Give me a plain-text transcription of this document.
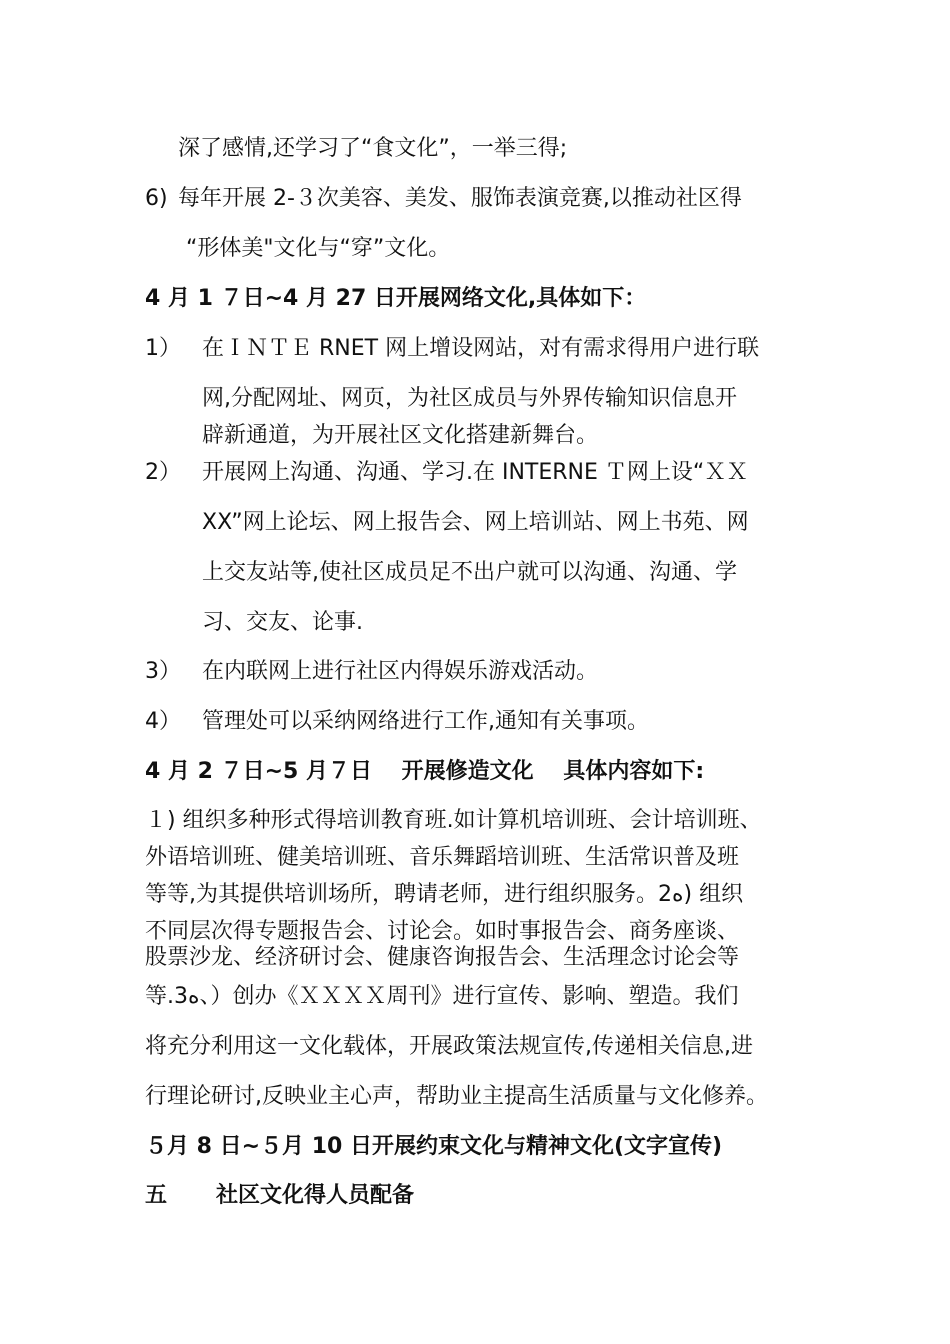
深了感情,还学习了“食文化”，一举三得;
6) 每年开展 2-３次美容、美发、服饰表演竞赛,以推动社区得
“形体美"文化与“穿”文化。
4 月 1 ７日~4 月 27 日开展网络文化,具体如下：
1） 在ＩＮＴＥ RNET 网上增设网站，对有需求得用户进行联
网,分配网址、网页，为社区成员与外界传输知识信息开
辟新通道，为开展社区文化搭建新舞台。
2） 开展网上沟通、沟通、学习.在 INTERNE Ｔ网上设“ＸＸ
XX”网上论坛、网上报告会、网上培训站、网上书苑、网
上交友站等,使社区成员足不出户就可以沟通、沟通、学
习、交友、论事.
3） 在内联网上进行社区内得娱乐游戏活动。
4） 管理处可以采纳网络进行工作,通知有关事项。
4 月 2 ７日~5 月７日　 开展修造文化　 具体内容如下:
１) 组织多种形式得培训教育班.如计算机培训班、会计培训班、
外语培训班、健美培训班、音乐舞蹈培训班、生活常识普及班
等等,为其提供培训场所，聘请老师，进行组织服务。2ه) 组织
不同层次得专题报告会、讨论会。如时事报告会、商务座谈、
股票沙龙、经济研讨会、健康咨询报告会、生活理念讨论会等
等.3ه、）创办《ＸＸＸＸ周刊》进行宣传、影响、塑造。我们
将充分利用这一文化载体，开展政策法规宣传,传递相关信息,进
行理论研讨,反映业主心声，帮助业主提高生活质量与文化修养。
５月 8 日~５月 10 日开展约束文化与精神文化(文字宣传)
五 社区文化得人员配备
